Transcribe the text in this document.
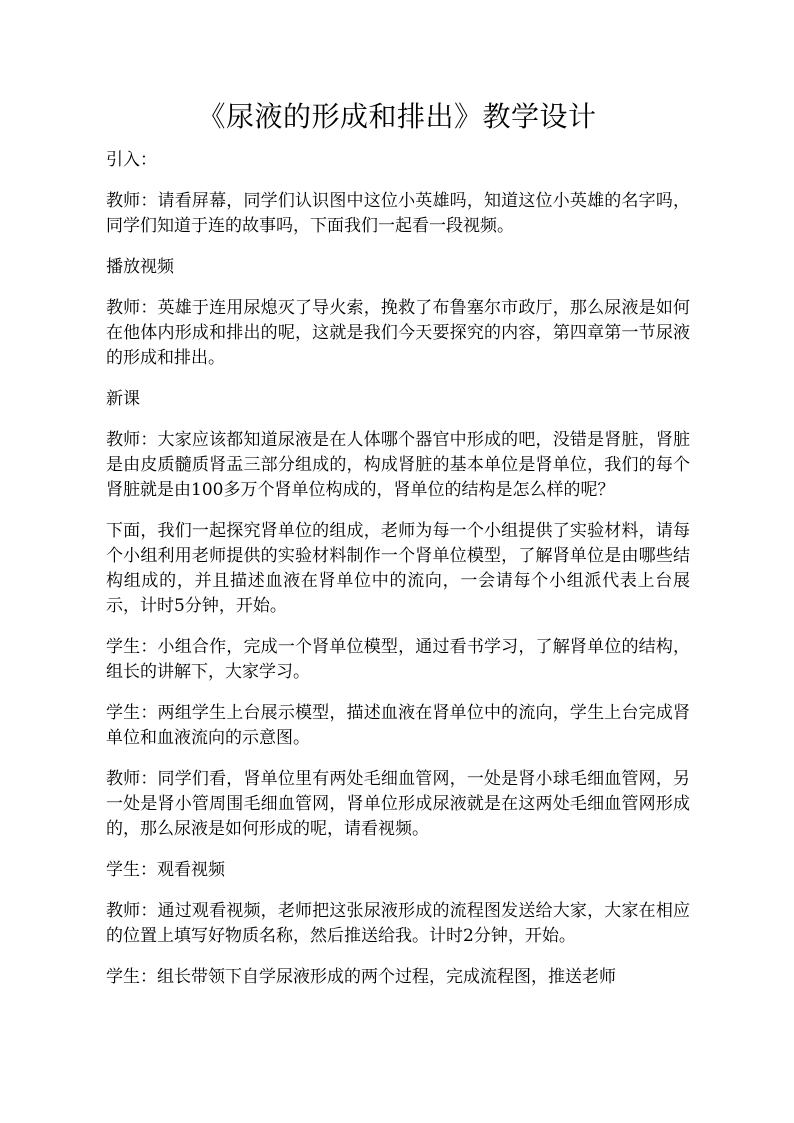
《尿液的形成和排出》教学设计

引入：

教师：请看屏幕，同学们认识图中这位小英雄吗，知道这位小英雄的名字吗，同学们知道于连的故事吗，下面我们一起看一段视频。

播放视频

教师：英雄于连用尿熄灭了导火索，挽救了布鲁塞尔市政厅，那么尿液是如何在他体内形成和排出的呢，这就是我们今天要探究的内容，第四章第一节尿液的形成和排出。

新课

教师：大家应该都知道尿液是在人体哪个器官中形成的吧，没错是肾脏，肾脏是由皮质髓质肾盂三部分组成的，构成肾脏的基本单位是肾单位，我们的每个肾脏就是由100多万个肾单位构成的，肾单位的结构是怎么样的呢？

下面，我们一起探究肾单位的组成，老师为每一个小组提供了实验材料，请每个小组利用老师提供的实验材料制作一个肾单位模型，了解肾单位是由哪些结构组成的，并且描述血液在肾单位中的流向，一会请每个小组派代表上台展示，计时5分钟，开始。

学生：小组合作，完成一个肾单位模型，通过看书学习，了解肾单位的结构，组长的讲解下，大家学习。

学生：两组学生上台展示模型，描述血液在肾单位中的流向，学生上台完成肾单位和血液流向的示意图。

教师：同学们看，肾单位里有两处毛细血管网，一处是肾小球毛细血管网，另一处是肾小管周围毛细血管网，肾单位形成尿液就是在这两处毛细血管网形成的，那么尿液是如何形成的呢，请看视频。

学生：观看视频

教师：通过观看视频，老师把这张尿液形成的流程图发送给大家，大家在相应的位置上填写好物质名称，然后推送给我。计时2分钟，开始。

学生：组长带领下自学尿液形成的两个过程，完成流程图，推送老师
